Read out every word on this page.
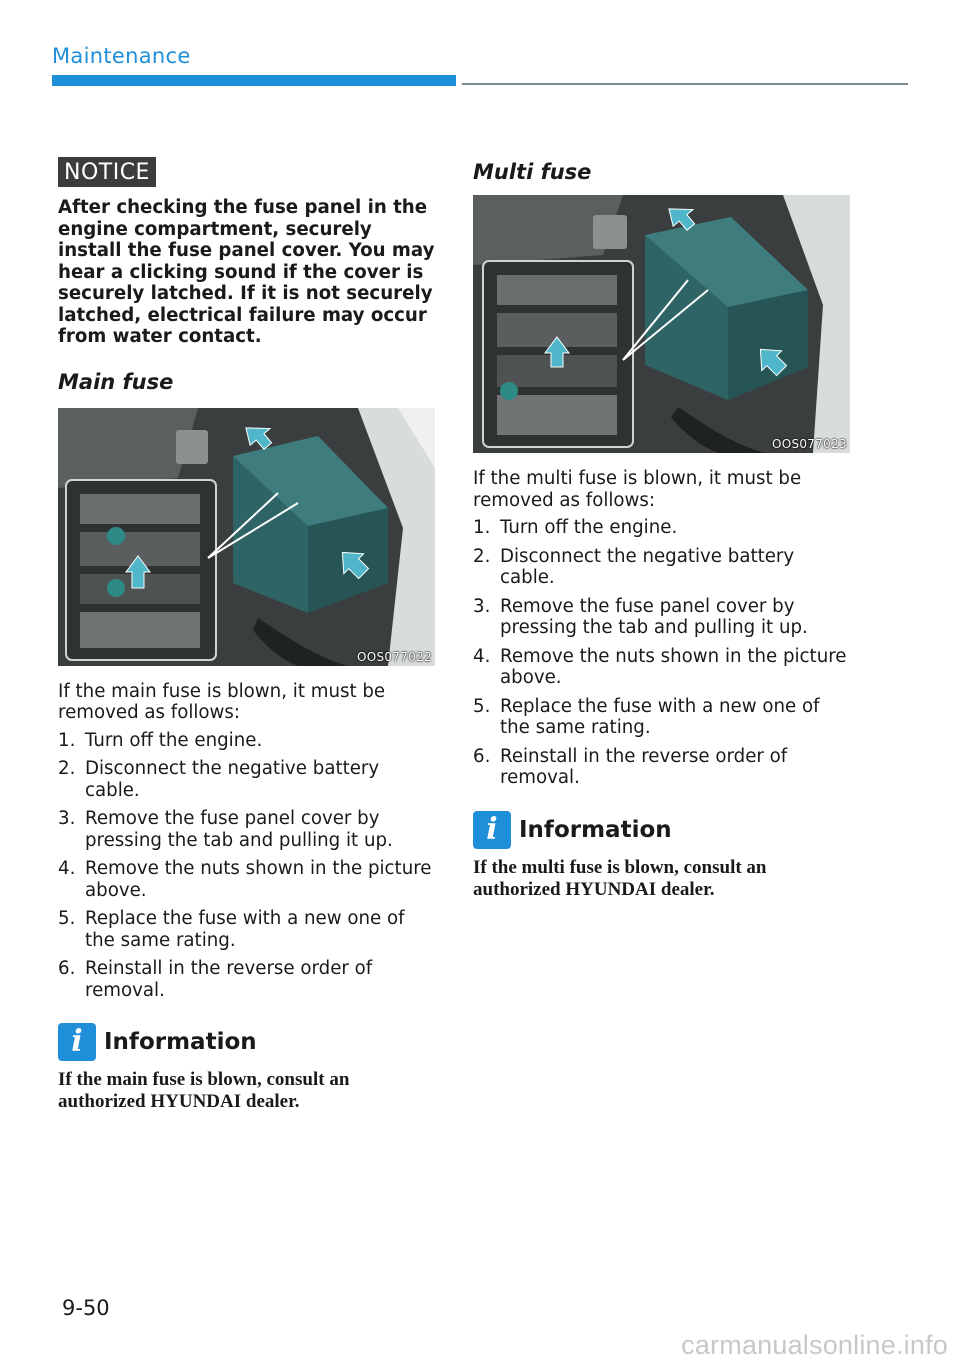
Maintenance
NOTICE
After checking the fuse panel in the engine compartment, securely install the fuse panel cover. You may hear a clicking sound if the cover is securely latched. If it is not securely latched, electrical failure may occur from water contact.
Main fuse
OOS077022
If the main fuse is blown, it must be removed as follows:
1. Turn off the engine.
2. Disconnect the negative battery cable.
3. Remove the fuse panel cover by pressing the tab and pulling it up.
4. Remove the nuts shown in the picture above.
5. Replace the fuse with a new one of the same rating.
6. Reinstall in the reverse order of removal.
i Information
If the main fuse is blown, consult an authorized HYUNDAI dealer.
Multi fuse
OOS077023
If the multi fuse is blown, it must be removed as follows:
1. Turn off the engine.
2. Disconnect the negative battery cable.
3. Remove the fuse panel cover by pressing the tab and pulling it up.
4. Remove the nuts shown in the picture above.
5. Replace the fuse with a new one of the same rating.
6. Reinstall in the reverse order of removal.
i Information
If the multi fuse is blown, consult an authorized HYUNDAI dealer.
9-50
carmanualsonline.info
